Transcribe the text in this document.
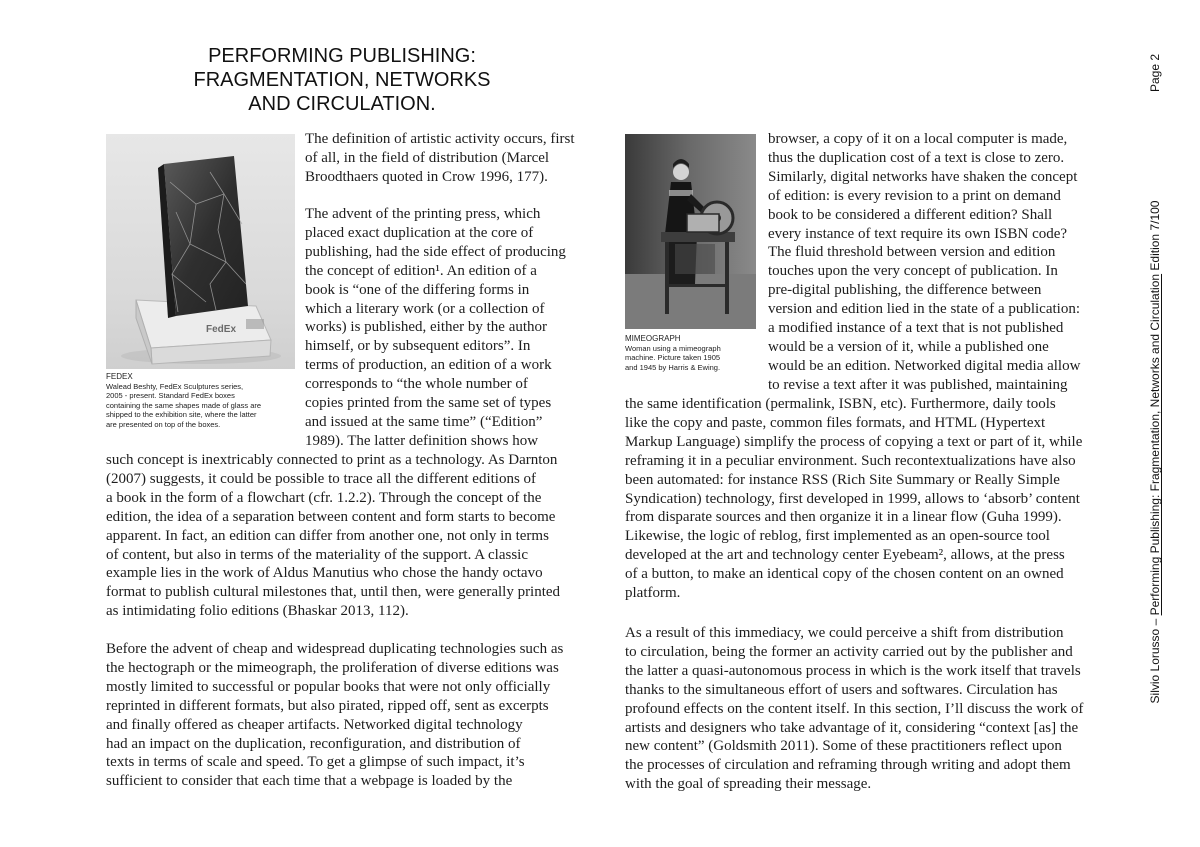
PERFORMING PUBLISHING:
FRAGMENTATION, NETWORKS
AND CIRCULATION.
FedEx
FEDEX
Walead Beshty, FedEx Sculptures series,
2005 - present. Standard FedEx boxes
containing the same shapes made of glass are
shipped to the exhibition site, where the latter
are presented on top of the boxes.
MIMEOGRAPH
Woman using a mimeograph
machine. Picture taken 1905
and 1945 by Harris & Ewing.
The definition of artistic activity occurs, first
of all, in the field of distribution (Marcel
Broodthaers quoted in Crow 1996, 177).
The advent of the printing press, which
placed exact duplication at the core of
publishing, had the side effect of producing
the concept of edition¹. An edition of a
book is “one of the differing forms in
which a literary work (or a collection of
works) is published, either by the author
himself, or by subsequent editors”. In
terms of production, an edition of a work
corresponds to “the whole number of
copies printed from the same set of types
and issued at the same time” (“Edition”
1989). The latter definition shows how
such concept is inextricably connected to print as a technology. As Darnton
(2007) suggests, it could be possible to trace all the different editions of
a book in the form of a flowchart (cfr. 1.2.2). Through the concept of the
edition, the idea of a separation between content and form starts to become
apparent. In fact, an edition can differ from another one, not only in terms
of content, but also in terms of the materiality of the support. A classic
example lies in the work of Aldus Manutius who chose the handy octavo
format to publish cultural milestones that, until then, were generally printed
as intimidating folio editions (Bhaskar 2013, 112).
Before the advent of cheap and widespread duplicating technologies such as
the hectograph or the mimeograph, the proliferation of diverse editions was
mostly limited to successful or popular books that were not only officially
reprinted in different formats, but also pirated, ripped off, sent as excerpts
and finally offered as cheaper artifacts. Networked digital technology
had an impact on the duplication, reconfiguration, and distribution of
texts in terms of scale and speed. To get a glimpse of such impact, it’s
sufficient to consider that each time that a webpage is loaded by the
browser, a copy of it on a local computer is made,
thus the duplication cost of a text is close to zero.
Similarly, digital networks have shaken the concept
of edition: is every revision to a print on demand
book to be considered a different edition? Shall
every instance of text require its own ISBN code?
The fluid threshold between version and edition
touches upon the very concept of publication. In
pre-digital publishing, the difference between
version and edition lied in the state of a publication:
a modified instance of a text that is not published
would be a version of it, while a published one
would be an edition. Networked digital media allow
to revise a text after it was published, maintaining
the same identification (permalink, ISBN, etc). Furthermore, daily tools
like the copy and paste, common files formats, and HTML (Hypertext
Markup Language) simplify the process of copying a text or part of it, while
reframing it in a peculiar environment. Such recontextualizations have also
been automated: for instance RSS (Rich Site Summary or Really Simple
Syndication) technology, first developed in 1999, allows to ‘absorb’ content
from disparate sources and then organize it in a linear flow (Guha 1999).
Likewise, the logic of reblog, first implemented as an open-source tool
developed at the art and technology center Eyebeam², allows, at the press
of a button, to make an identical copy of the chosen content on an owned
platform.
As a result of this immediacy, we could perceive a shift from distribution
to circulation, being the former an activity carried out by the publisher and
the latter a quasi-autonomous process in which is the work itself that travels
thanks to the simultaneous effort of users and softwares. Circulation has
profound effects on the content itself. In this section, I’ll discuss the work of
artists and designers who take advantage of it, considering “context [as] the
new content” (Goldsmith 2011). Some of these practitioners reflect upon
the processes of circulation and reframing through writing and adopt them
with the goal of spreading their message.
Page 2
Silvio Lorusso – Performing Publishing: Fragmentation, Networks and Circulation Edition 7/100
